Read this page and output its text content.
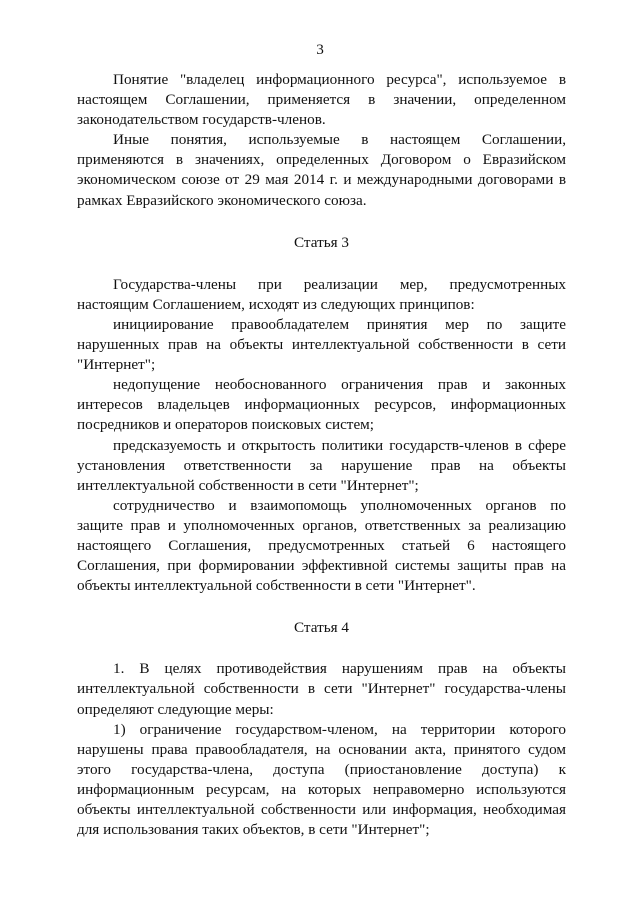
3

Понятие "владелец информационного ресурса", используемое в настоящем Соглашении, применяется в значении, определенном законодательством государств-членов.

Иные понятия, используемые в настоящем Соглашении, применяются в значениях, определенных Договором о Евразийском экономическом союзе от 29 мая 2014 г. и международными договорами в рамках Евразийского экономического союза.

Статья 3

Государства-члены при реализации мер, предусмотренных настоящим Соглашением, исходят из следующих принципов:

инициирование правообладателем принятия мер по защите нарушенных прав на объекты интеллектуальной собственности в сети "Интернет";

недопущение необоснованного ограничения прав и законных интересов владельцев информационных ресурсов, информационных посредников и операторов поисковых систем;

предсказуемость и открытость политики государств-членов в сфере установления ответственности за нарушение прав на объекты интеллектуальной собственности в сети "Интернет";

сотрудничество и взаимопомощь уполномоченных органов по защите прав и уполномоченных органов, ответственных за реализацию настоящего Соглашения, предусмотренных статьей 6 настоящего Соглашения, при формировании эффективной системы защиты прав на объекты интеллектуальной собственности в сети "Интернет".

Статья 4

1. В целях противодействия нарушениям прав на объекты интеллектуальной собственности в сети "Интернет" государства-члены определяют следующие меры:

1) ограничение государством-членом, на территории которого нарушены права правообладателя, на основании акта, принятого судом этого государства-члена, доступа (приостановление доступа) к информационным ресурсам, на которых неправомерно используются объекты интеллектуальной собственности или информация, необходимая для использования таких объектов, в сети "Интернет";
